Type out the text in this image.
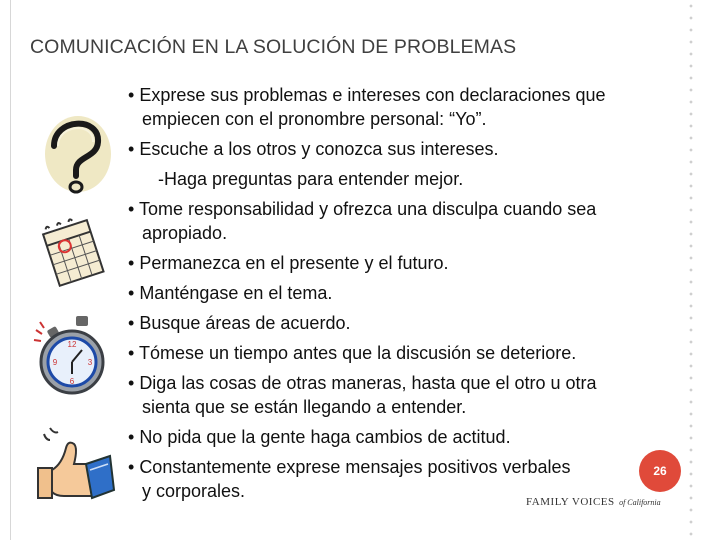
COMUNICACIÓN EN LA SOLUCIÓN DE PROBLEMAS
12
3
6
9
• Exprese sus problemas e intereses con declaraciones que
empiecen con el pronombre personal: “Yo”.
• Escuche a los otros y conozca sus intereses.
-Haga preguntas para entender mejor.
• Tome responsabilidad y ofrezca una disculpa cuando sea
apropiado.
• Permanezca en el presente y el futuro.
• Manténgase en el tema.
• Busque áreas de acuerdo.
• Tómese un tiempo antes que la discusión se deteriore.
• Diga las cosas de otras maneras, hasta que el otro u otra
sienta que se están llegando a entender.
• No pida que la gente haga cambios de actitud.
• Constantemente exprese mensajes positivos verbales
y corporales.
26
FAMILY VOICES of California
